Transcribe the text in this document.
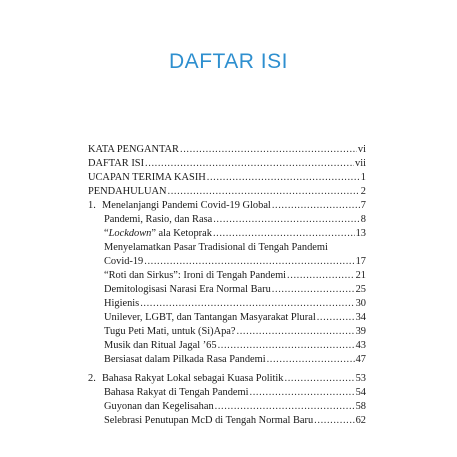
DAFTAR ISI
KATA PENGANTAR .....	vi
DAFTAR ISI .....	vii
UCAPAN TERIMA KASIH .....	1
PENDAHULUAN .....	2
1. Menelanjangi Pandemi Covid-19 Global .....	7
Pandemi, Rasio, dan Rasa .....	8
“Lockdown” ala Ketoprak .....	13
Menyelamatkan Pasar Tradisional di Tengah Pandemi
Covid-19 .....	17
“Roti dan Sirkus”: Ironi di Tengah Pandemi .....	21
Demitologisasi Narasi Era Normal Baru .....	25
Higienis .....	30
Unilever, LGBT, dan Tantangan Masyarakat Plural .....	34
Tugu Peti Mati, untuk (Si)Apa? .....	39
Musik dan Ritual Jagal ’65 .....	43
Bersiasat dalam Pilkada Rasa Pandemi .....	47
2. Bahasa Rakyat Lokal sebagai Kuasa Politik .....	53
Bahasa Rakyat di Tengah Pandemi .....	54
Guyonan dan Kegelisahan .....	58
Selebrasi Penutupan McD di Tengah Normal Baru .....	62
